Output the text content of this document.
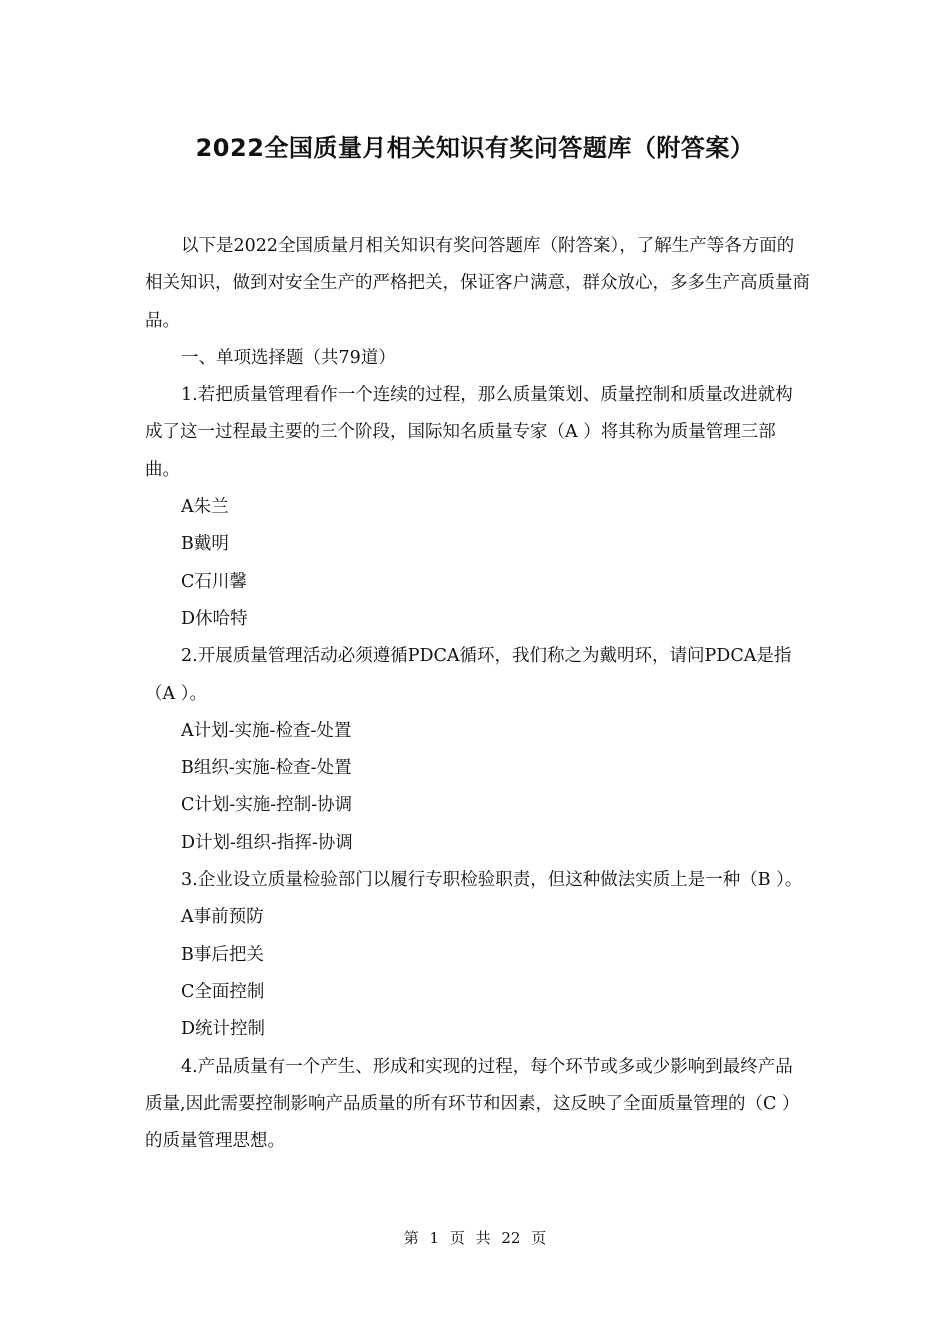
2022全国质量月相关知识有奖问答题库（附答案）

以下是2022全国质量月相关知识有奖问答题库（附答案），了解生产等各方面的相关知识，做到对安全生产的严格把关，保证客户满意，群众放心，多多生产高质量商品。

一、单项选择题（共79道）

1.若把质量管理看作一个连续的过程，那么质量策划、质量控制和质量改进就构成了这一过程最主要的三个阶段，国际知名质量专家（A ）将其称为质量管理三部曲。

A朱兰

B戴明

C石川馨

D休哈特

2.开展质量管理活动必须遵循PDCA循环，我们称之为戴明环，请问PDCA是指（A ）。

A计划-实施-检查-处置

B组织-实施-检查-处置

C计划-实施-控制-协调

D计划-组织-指挥-协调

3.企业设立质量检验部门以履行专职检验职责，但这种做法实质上是一种（B ）。

A事前预防

B事后把关

C全面控制

D统计控制

4.产品质量有一个产生、形成和实现的过程，每个环节或多或少影响到最终产品质量,因此需要控制影响产品质量的所有环节和因素，这反映了全面质量管理的（C ）的质量管理思想。

第 1 页 共 22 页
